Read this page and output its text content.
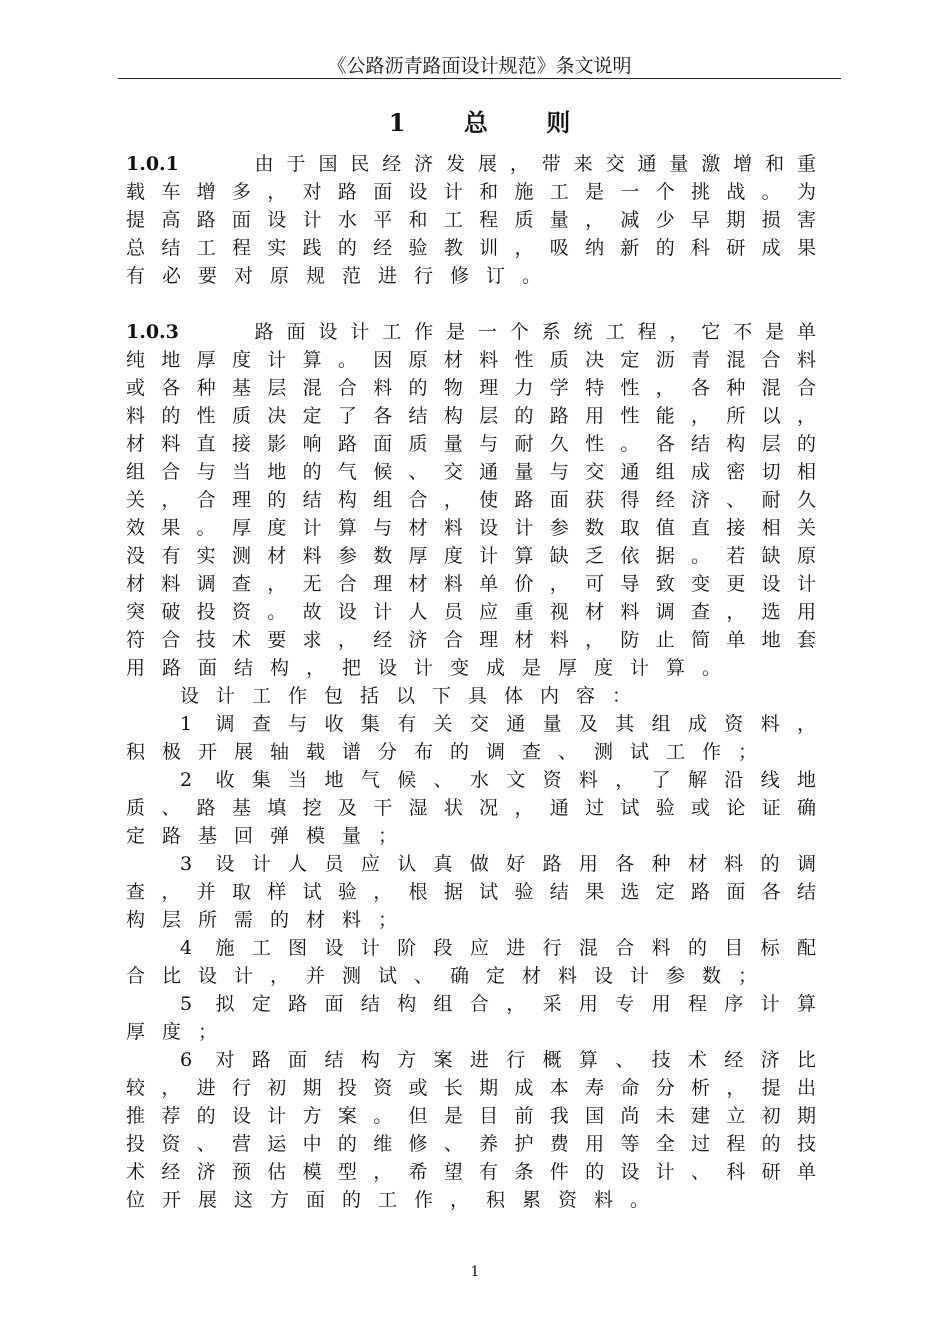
《公路沥青路面设计规范》条文说明
1 总 则
1.0.1	由于国民经济发展，带来交通量激增和重
载车增多，对路面设计和施工是一个挑战。为
提高路面设计水平和工程质量，减少早期损害
总结工程实践的经验教训，吸纳新的科研成果
有必要对原规范进行修订。
1.0.3	路面设计工作是一个系统工程，它不是单
纯地厚度计算。因原材料性质决定沥青混合料
或各种基层混合料的物理力学特性，各种混合
料的性质决定了各结构层的路用性能，所以，
材料直接影响路面质量与耐久性。各结构层的
组合与当地的气候、交通量与交通组成密切相
关，合理的结构组合，使路面获得经济、耐久
效果。厚度计算与材料设计参数取值直接相关
没有实测材料参数厚度计算缺乏依据。若缺原
材料调查，无合理材料单价，可导致变更设计
突破投资。故设计人员应重视材料调查，选用
符合技术要求，经济合理材料，防止简单地套
用路面结构，把设计变成是厚度计算。
设计工作包括以下具体内容：
1 调查与收集有关交通量及其组成资料，
积极开展轴载谱分布的调查、测试工作；
2 收集当地气候、水文资料，了解沿线地
质、路基填挖及干湿状况，通过试验或论证确
定路基回弹模量；
3 设计人员应认真做好路用各种材料的调
查，并取样试验，根据试验结果选定路面各结
构层所需的材料；
4 施工图设计阶段应进行混合料的目标配
合比设计，并测试、确定材料设计参数；
5 拟定路面结构组合，采用专用程序计算
厚度；
6 对路面结构方案进行概算、技术经济比
较，进行初期投资或长期成本寿命分析，提出
推荐的设计方案。但是目前我国尚未建立初期
投资、营运中的维修、养护费用等全过程的技
术经济预估模型，希望有条件的设计、科研单
位开展这方面的工作，积累资料。
1
